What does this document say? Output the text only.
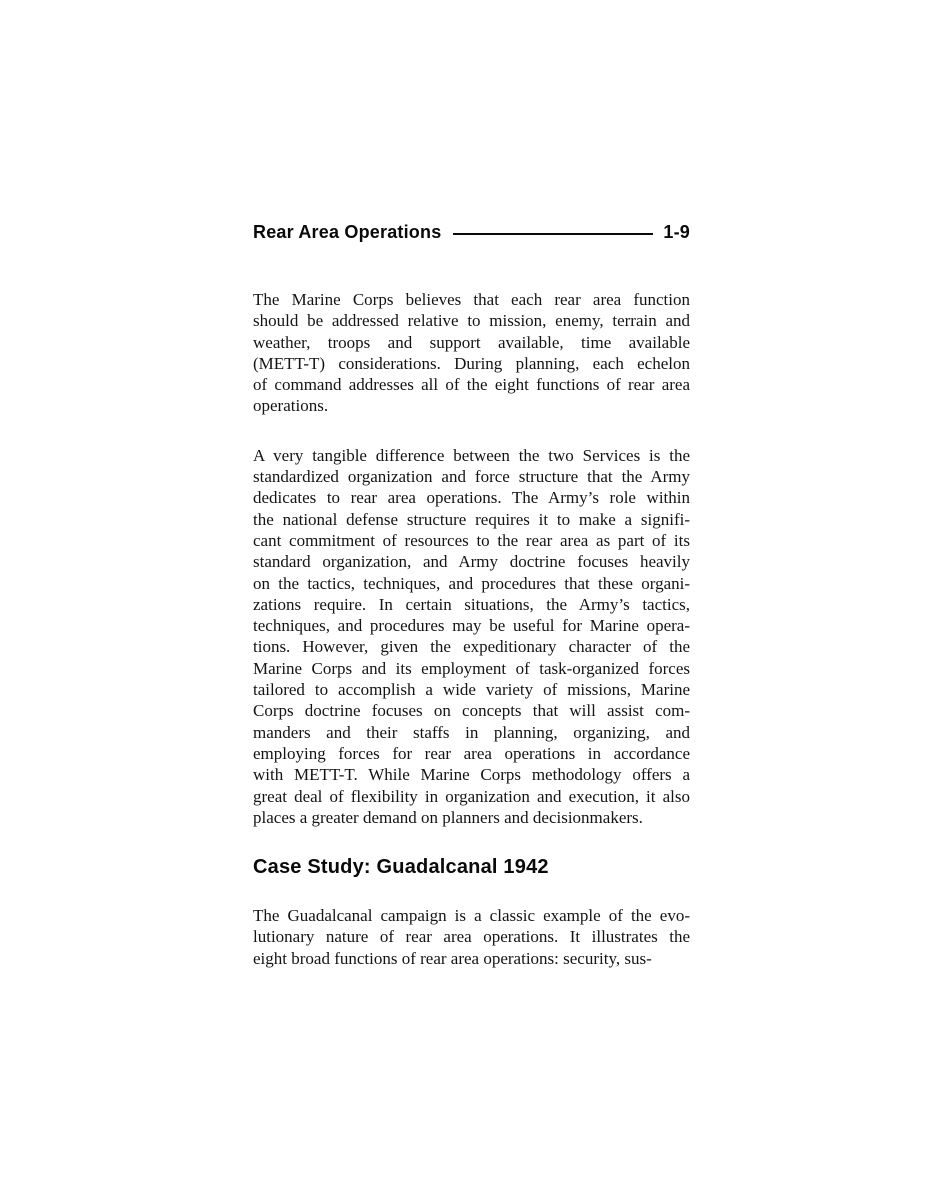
Rear Area Operations	1-9
The Marine Corps believes that each rear area function
should be addressed relative to mission, enemy, terrain and
weather, troops and support available, time available
(METT-T) considerations. During planning, each echelon
of command addresses all of the eight functions of rear area
operations.
A very tangible difference between the two Services is the
standardized organization and force structure that the Army
dedicates to rear area operations. The Army’s role within
the national defense structure requires it to make a signifi-
cant commitment of resources to the rear area as part of its
standard organization, and Army doctrine focuses heavily
on the tactics, techniques, and procedures that these organi-
zations require. In certain situations, the Army’s tactics,
techniques, and procedures may be useful for Marine opera-
tions. However, given the expeditionary character of the
Marine Corps and its employment of task-organized forces
tailored to accomplish a wide variety of missions, Marine
Corps doctrine focuses on concepts that will assist com-
manders and their staffs in planning, organizing, and
employing forces for rear area operations in accordance
with METT-T. While Marine Corps methodology offers a
great deal of flexibility in organization and execution, it also
places a greater demand on planners and decisionmakers.
Case Study: Guadalcanal 1942
The Guadalcanal campaign is a classic example of the evo-
lutionary nature of rear area operations. It illustrates the
eight broad functions of rear area operations: security, sus-
